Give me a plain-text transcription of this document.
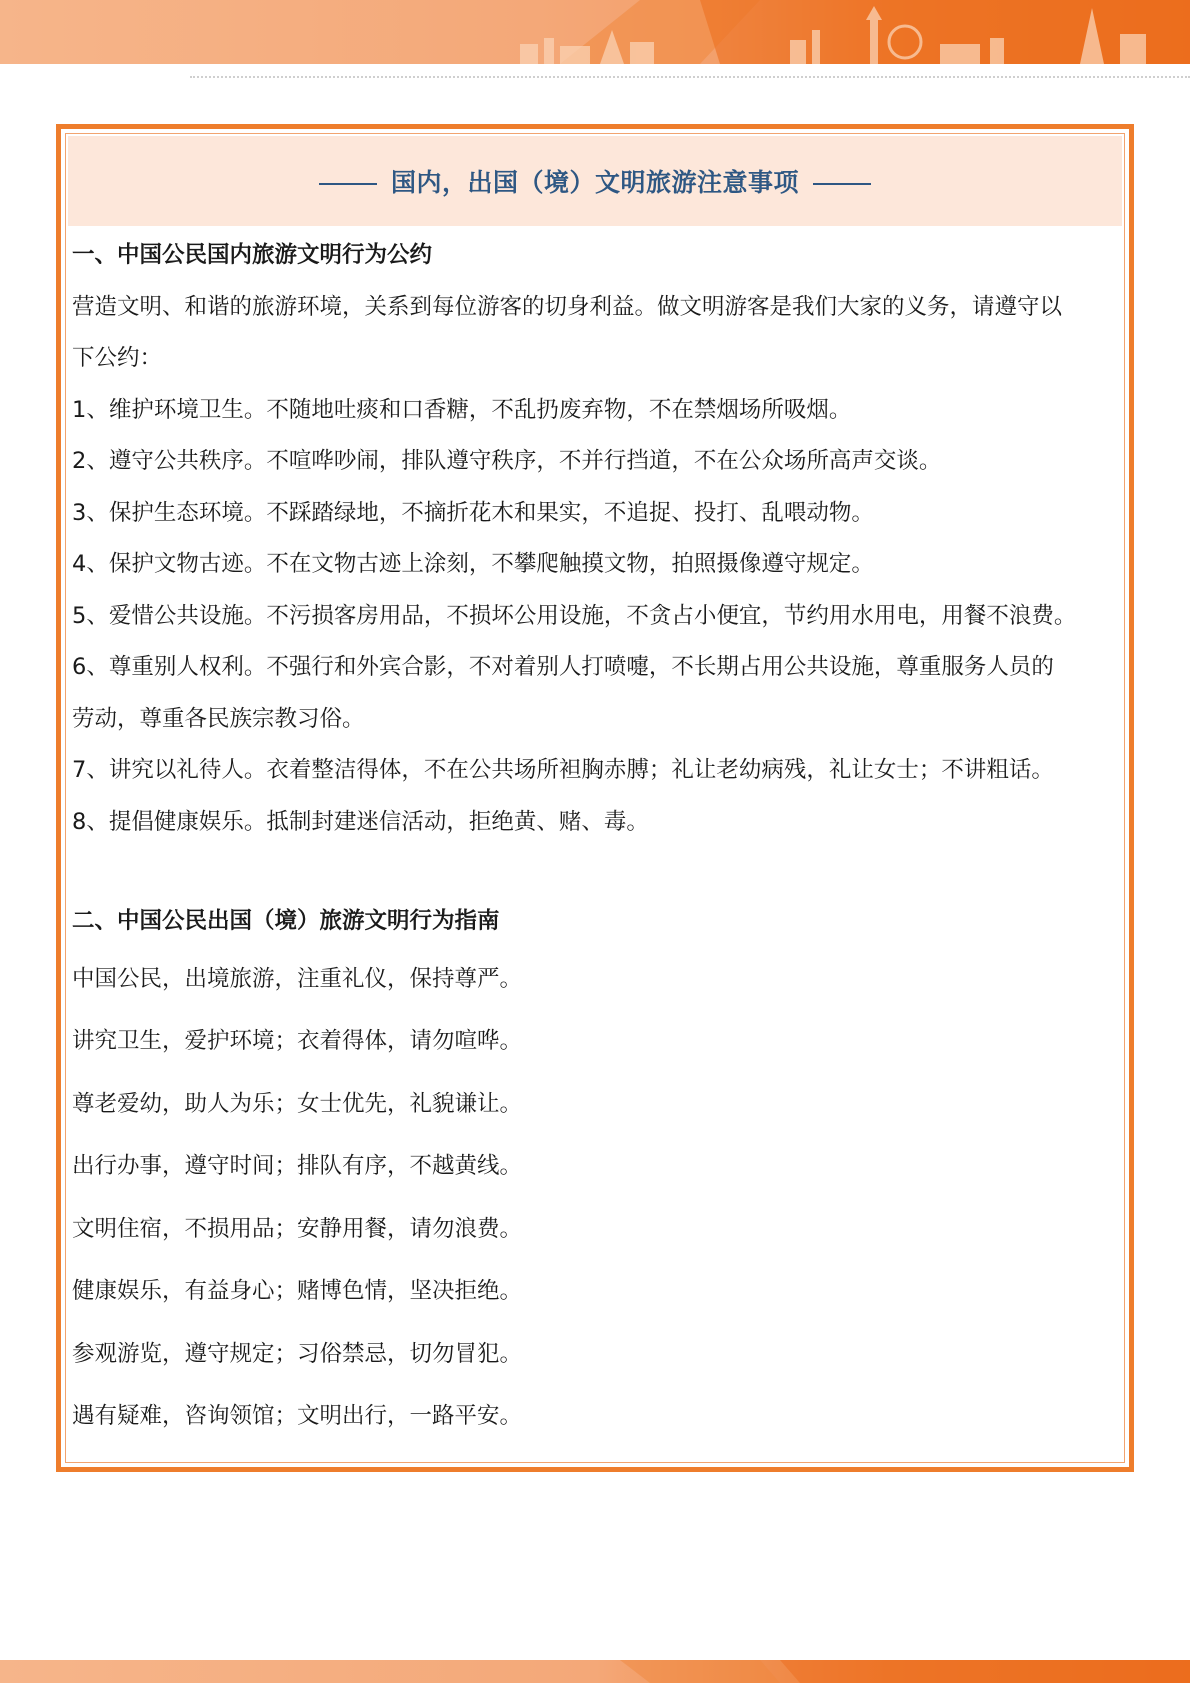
国内，出国（境）文明旅游注意事项

一、中国公民国内旅游文明行为公约

营造文明、和谐的旅游环境，关系到每位游客的切身利益。做文明游客是我们大家的义务，请遵守以

下公约：

1、维护环境卫生。不随地吐痰和口香糖，不乱扔废弃物，不在禁烟场所吸烟。

2、遵守公共秩序。不喧哗吵闹，排队遵守秩序，不并行挡道，不在公众场所高声交谈。

3、保护生态环境。不踩踏绿地，不摘折花木和果实，不追捉、投打、乱喂动物。

4、保护文物古迹。不在文物古迹上涂刻，不攀爬触摸文物，拍照摄像遵守规定。

5、爱惜公共设施。不污损客房用品，不损坏公用设施，不贪占小便宜，节约用水用电，用餐不浪费。

6、尊重别人权利。不强行和外宾合影，不对着别人打喷嚏，不长期占用公共设施，尊重服务人员的

劳动，尊重各民族宗教习俗。

7、讲究以礼待人。衣着整洁得体，不在公共场所袒胸赤膊；礼让老幼病残，礼让女士；不讲粗话。

8、提倡健康娱乐。抵制封建迷信活动，拒绝黄、赌、毒。

二、中国公民出国（境）旅游文明行为指南

中国公民，出境旅游，注重礼仪，保持尊严。

讲究卫生，爱护环境；衣着得体，请勿喧哗。

尊老爱幼，助人为乐；女士优先，礼貌谦让。

出行办事，遵守时间；排队有序，不越黄线。

文明住宿，不损用品；安静用餐，请勿浪费。

健康娱乐，有益身心；赌博色情，坚决拒绝。

参观游览，遵守规定；习俗禁忌，切勿冒犯。

遇有疑难，咨询领馆；文明出行，一路平安。
